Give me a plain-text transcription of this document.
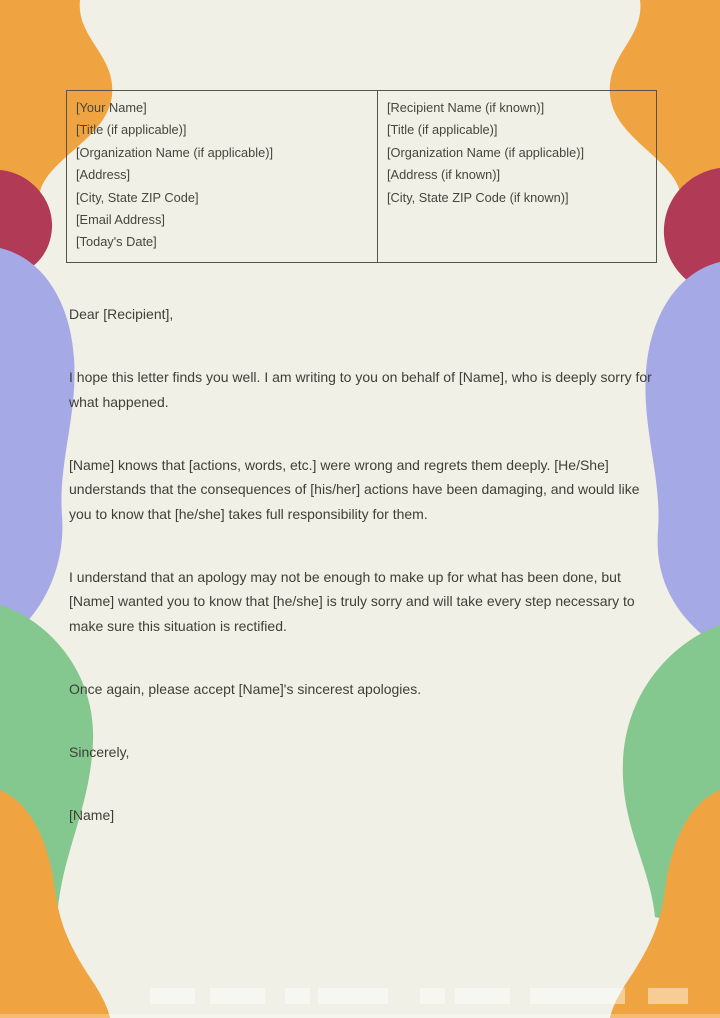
[Your Name]
[Title (if applicable)]
[Organization Name (if applicable)]
[Address]
[City, State ZIP Code]
[Email Address]
[Today's Date]

[Recipient Name (if known)]
[Title (if applicable)]
[Organization Name (if applicable)]
[Address (if known)]
[City, State ZIP Code (if known)]

Dear [Recipient],

I hope this letter finds you well. I am writing to you on behalf of [Name], who is deeply sorry for what happened.

[Name] knows that [actions, words, etc.] were wrong and regrets them deeply. [He/She] understands that the consequences of [his/her] actions have been damaging, and would like you to know that [he/she] takes full responsibility for them.

I understand that an apology may not be enough to make up for what has been done, but [Name] wanted you to know that [he/she] is truly sorry and will take every step necessary to make sure this situation is rectified.

Once again, please accept [Name]'s sincerest apologies.

Sincerely,

[Name]
